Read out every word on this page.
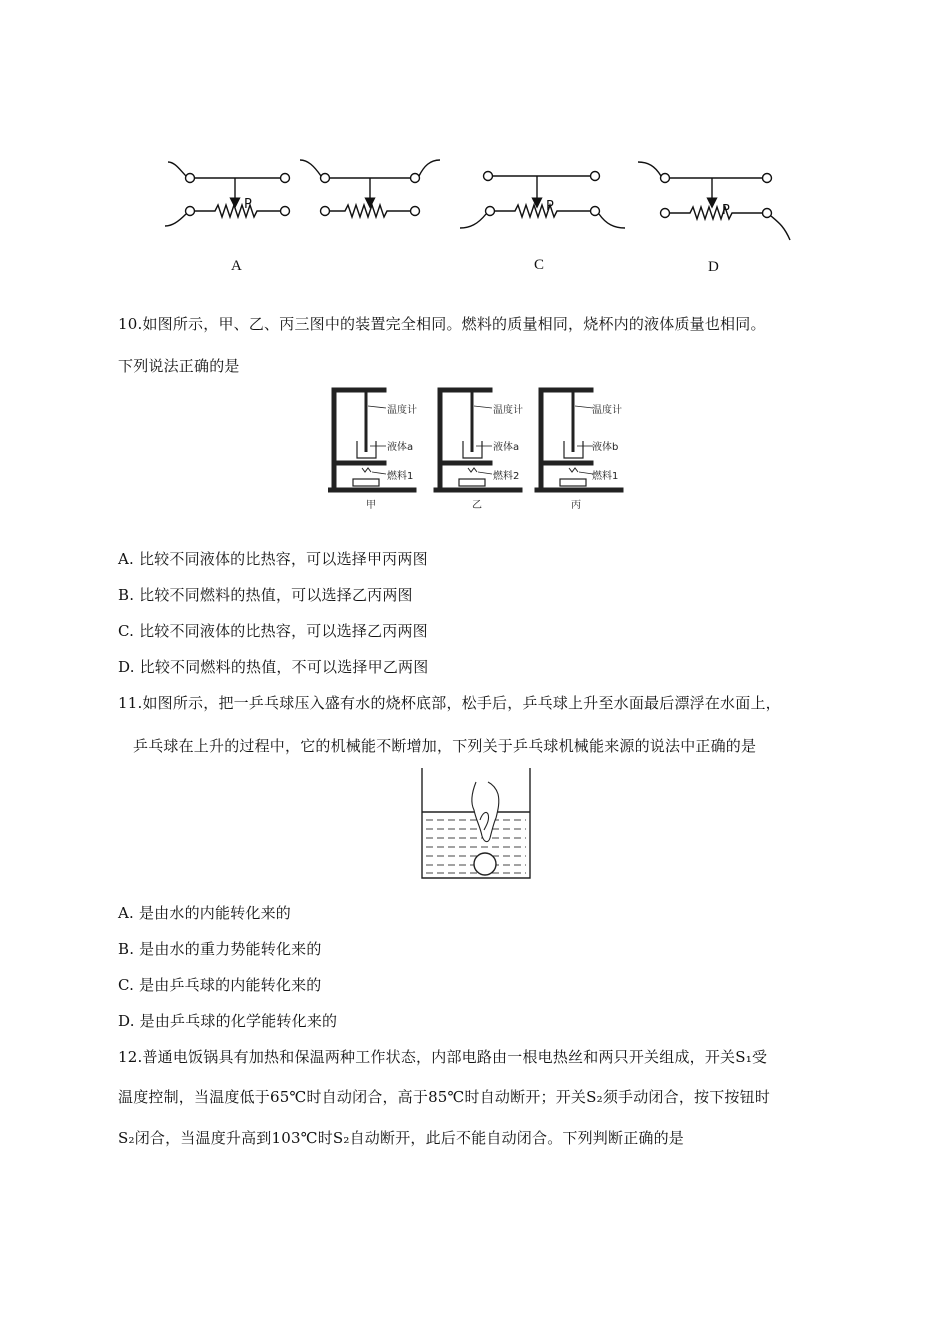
P	P	P
A	C	D
10.如图所示，甲、乙、丙三图中的装置完全相同。燃料的质量相同，烧杯内的液体质量也相同。
下列说法正确的是
温度计
液体a
燃料1
甲
温度计
液体a
燃料2
乙
温度计
液体b
燃料1
丙
A. 比较不同液体的比热容，可以选择甲丙两图
B. 比较不同燃料的热值，可以选择乙丙两图
C. 比较不同液体的比热容，可以选择乙丙两图
D. 比较不同燃料的热值，不可以选择甲乙两图
11.如图所示，把一乒乓球压入盛有水的烧杯底部，松手后，乒乓球上升至水面最后漂浮在水面上，
乒乓球在上升的过程中，它的机械能不断增加，下列关于乒乓球机械能来源的说法中正确的是
A. 是由水的内能转化来的
B. 是由水的重力势能转化来的
C. 是由乒乓球的内能转化来的
D. 是由乒乓球的化学能转化来的
12.普通电饭锅具有加热和保温两种工作状态，内部电路由一根电热丝和两只开关组成，开关S₁受
温度控制，当温度低于65℃时自动闭合，高于85℃时自动断开；开关S₂须手动闭合，按下按钮时
S₂闭合，当温度升高到103℃时S₂自动断开，此后不能自动闭合。下列判断正确的是
